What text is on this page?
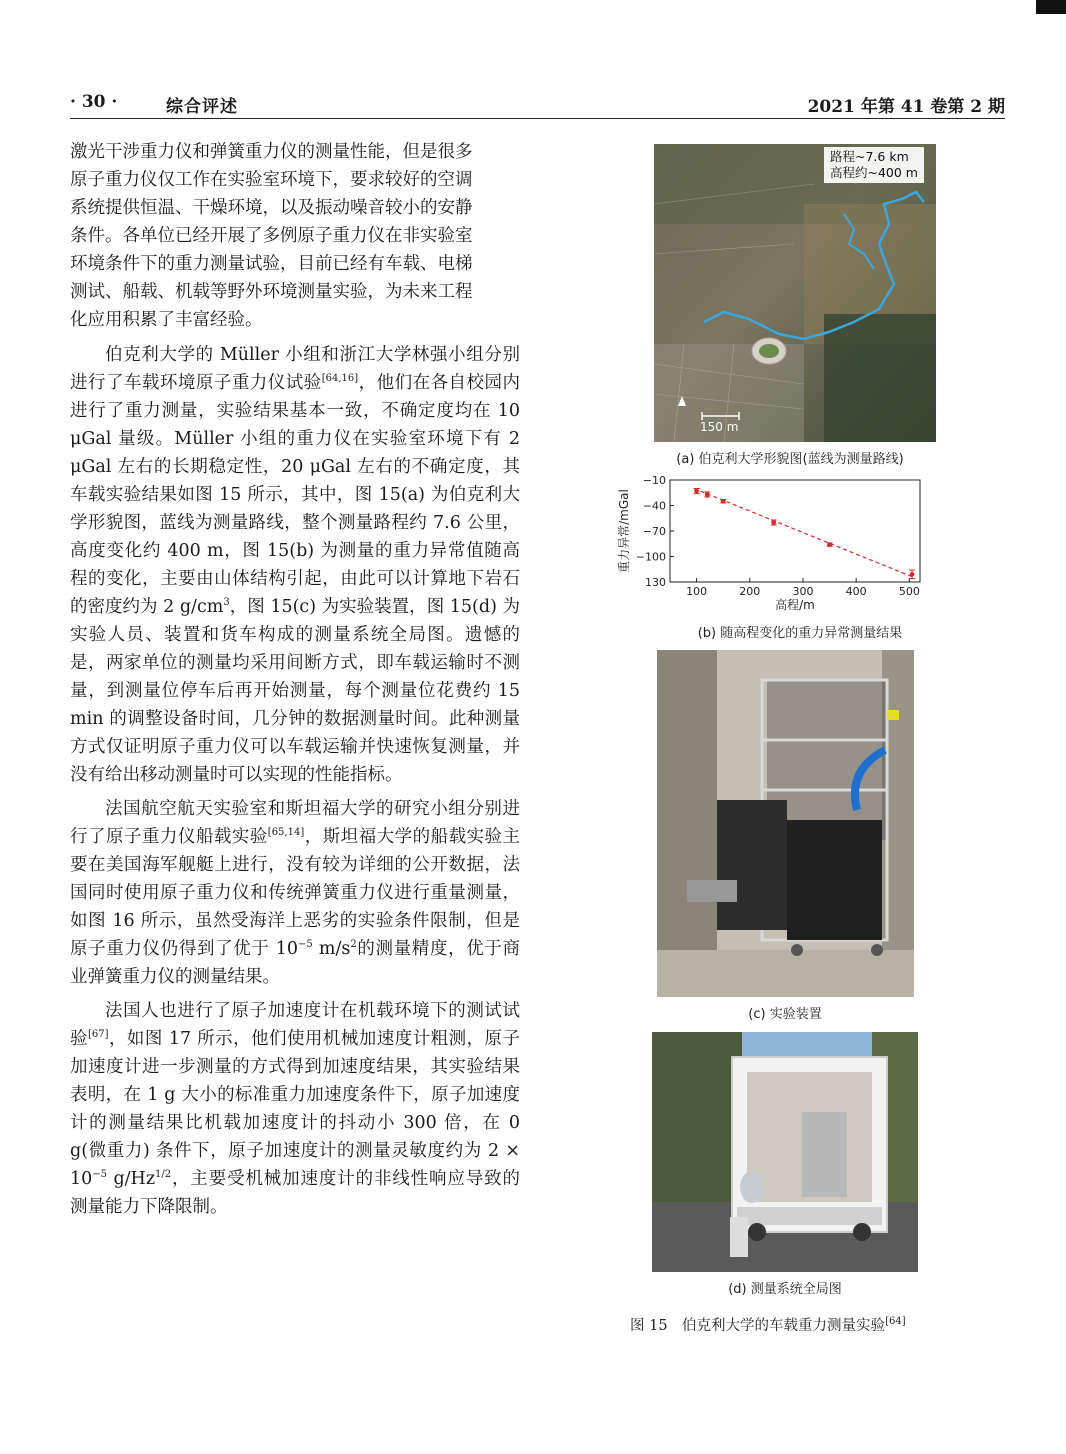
· 30 ·	综合评述	2021 年第 41 卷第 2 期

激光干涉重力仪和弹簧重力仪的测量性能，但是很多

原子重力仪仅工作在实验室环境下，要求较好的空调

系统提供恒温、干燥环境，以及振动噪音较小的安静

条件。各单位已经开展了多例原子重力仪在非实验室

环境条件下的重力测量试验，目前已经有车载、电梯

测试、船载、机载等野外环境测量实验，为未来工程

化应用积累了丰富经验。

伯克利大学的 Müller 小组和浙江大学林强小组分别进行了车载环境原子重力仪试验[64,16]，他们在各自校园内进行了重力测量，实验结果基本一致，不确定度均在 10 μGal 量级。Müller 小组的重力仪在实验室环境下有 2 μGal 左右的长期稳定性，20 μGal 左右的不确定度，其车载实验结果如图 15 所示，其中，图 15(a) 为伯克利大学形貌图，蓝线为测量路线，整个测量路程约 7.6 公里，高度变化约 400 m，图 15(b) 为测量的重力异常值随高程的变化，主要由山体结构引起，由此可以计算地下岩石的密度约为 2 $g/cm^3$，图 15(c) 为实验装置，图 15(d) 为实验人员、装置和货车构成的测量系统全局图。遗憾的是，两家单位的测量均采用间断方式，即车载运输时不测量，到测量位停车后再开始测量，每个测量位花费约 15 min 的调整设备时间，几分钟的数据测量时间。此种测量方式仅证明原子重力仪可以车载运输并快速恢复测量，并没有给出移动测量时可以实现的性能指标。

法国航空航天实验室和斯坦福大学的研究小组分别进行了原子重力仪船载实验[65,14]，斯坦福大学的船载实验主要在美国海军舰艇上进行，没有较为详细的公开数据，法国同时使用原子重力仪和传统弹簧重力仪进行重量测量，如图 16 所示，虽然受海洋上恶劣的实验条件限制，但是原子重力仪仍得到了优于 $10^{-5}$ $m/s^2$的测量精度，优于商业弹簧重力仪的测量结果。

法国人也进行了原子加速度计在机载环境下的测试试验[67]，如图 17 所示，他们使用机械加速度计粗测，原子加速度计进一步测量的方式得到加速度结果，其实验结果表明，在 1 g 大小的标准重力加速度条件下，原子加速度计的测量结果比机载加速度计的抖动小 300 倍，在 0 g(微重力) 条件下，原子加速度计的测量灵敏度约为 $2 \times 10^{-5}$ $g/Hz^{1/2}$，主要受机械加速度计的非线性响应导致的测量能力下降限制。

路程~7.6 km
高程约~400 m
150 m
(a) 伯克利大学形貌图(蓝线为测量路线)
100	200	300	400	500
−10
−40
−70
−100
130
高程/m
重力异常/mGal
(b) 随高程变化的重力异常测量结果
(c) 实验装置
(d) 测量系统全局图
图 15　伯克利大学的车载重力测量实验[64]
